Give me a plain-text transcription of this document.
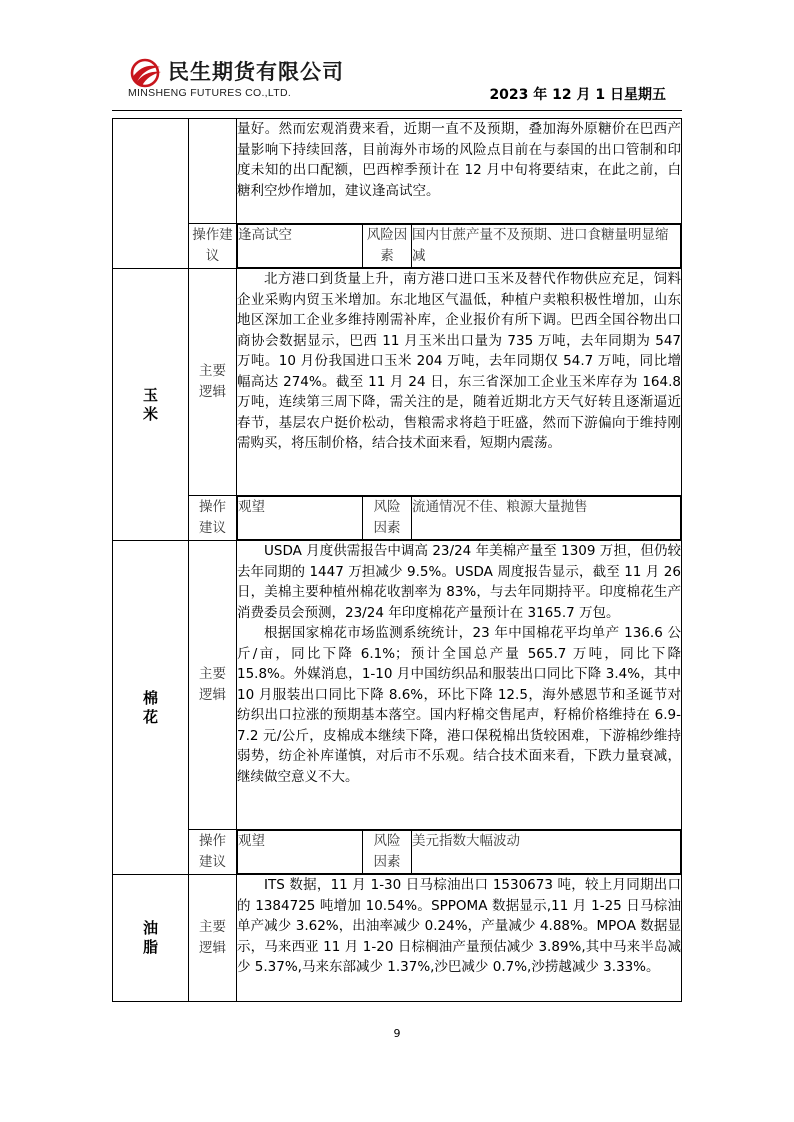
民生期货有限公司
MINSHENG FUTURES CO.,LTD.	2023 年 12 月 1 日星期五
		量好。然而宏观消费来看，近期一直不及预期，叠加海外原糖价在巴西产量影响下持续回落，目前海外市场的风险点目前在与泰国的出口管制和印度未知的出口配额，巴西榨季预计在 12 月中旬将要结束，在此之前，白糖利空炒作增加，建议逢高试空。
操作建议	
逢高试空	风险因素	国内甘蔗产量不及预期、进口食糖量明显缩减

玉米	主要逻辑	

北方港口到货量上升，南方港口进口玉米及替代作物供应充足，饲料企业采购内贸玉米增加。东北地区气温低，种植户卖粮积极性增加，山东地区深加工企业多维持刚需补库，企业报价有所下调。巴西全国谷物出口商协会数据显示，巴西 11 月玉米出口量为 735 万吨，去年同期为 547 万吨。10 月份我国进口玉米 204 万吨，去年同期仅 54.7 万吨，同比增幅高达 274%。截至 11 月 24 日，东三省深加工企业玉米库存为 164.8 万吨，连续第三周下降，需关注的是，随着近期北方天气好转且逐渐逼近春节，基层农户挺价松动，售粮需求将趋于旺盛，然而下游偏向于维持刚需购买，将压制价格，结合技术面来看，短期内震荡。

操作建议	
观望	风险因素	流通情况不佳、粮源大量抛售

棉花	主要逻辑	

USDA 月度供需报告中调高 23/24 年美棉产量至 1309 万担，但仍较去年同期的 1447 万担减少 9.5%。USDA 周度报告显示，截至 11 月 26 日，美棉主要种植州棉花收割率为 83%，与去年同期持平。印度棉花生产消费委员会预测，23/24 年印度棉花产量预计在 3165.7 万包。

根据国家棉花市场监测系统统计，23 年中国棉花平均单产 136.6 公斤/亩，同比下降 6.1%；预计全国总产量 565.7 万吨，同比下降 15.8%。外媒消息，1-10 月中国纺织品和服装出口同比下降 3.4%，其中 10 月服装出口同比下降 8.6%，环比下降 12.5，海外感恩节和圣诞节对纺织出口拉涨的预期基本落空。国内籽棉交售尾声，籽棉价格维持在 6.9-7.2 元/公斤，皮棉成本继续下降，港口保税棉出货较困难，下游棉纱维持弱势，纺企补库谨慎，对后市不乐观。结合技术面来看，下跌力量衰减，继续做空意义不大。

操作建议	
观望	风险因素	美元指数大幅波动

油脂	主要逻辑	

ITS 数据，11 月 1-30 日马棕油出口 1530673 吨，较上月同期出口的 1384725 吨增加 10.54%。SPPOMA 数据显示,11 月 1-25 日马棕油单产减少 3.62%，出油率减少 0.24%，产量减少 4.88%。MPOA 数据显示，马来西亚 11 月 1-20 日棕榈油产量预估减少 3.89%,其中马来半岛减少 5.37%,马来东部减少 1.37%,沙巴减少 0.7%,沙捞越减少 3.33%。

9
